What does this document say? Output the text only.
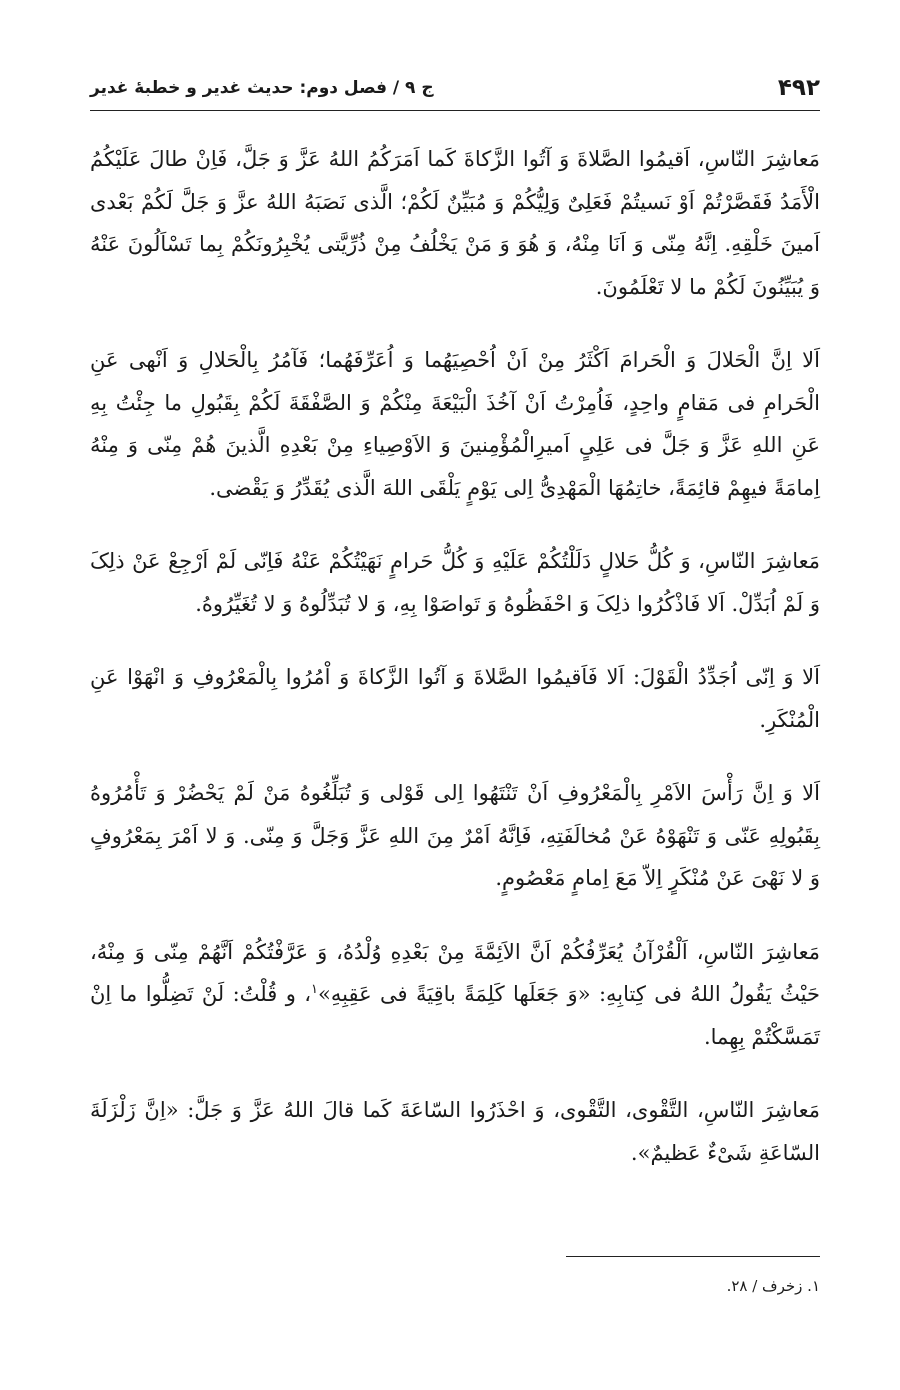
۴۹۲
ج ۹ / فصل دوم: حدیث غدیر و خطبهٔ غدیر

مَعاشِرَ النّاسِ، اَقیمُوا الصَّلاةَ وَ آتُوا الزَّکاةَ کَما اَمَرَکُمُ اللهُ عَزَّ وَ جَلَّ، فَاِنْ طالَ عَلَیْکُمُ الْأَمَدُ فَقَصَّرْتُمْ اَوْ نَسیتُمْ فَعَلِیٌ وَلِیُّکُمْ وَ مُبَیِّنٌ لَکُمْ؛ الَّذی نَصَبَهُ اللهُ عزَّ وَ جَلَّ لَکُمْ بَعْدی اَمینَ خَلْقِهِ. اِنَّهُ مِنّی وَ اَنَا مِنْهُ، وَ هُوَ وَ مَنْ یَخْلُفُ مِنْ ذُرِّیَّتی یُخْبِرُونَکُمْ بِما تَسْاَلُونَ عَنْهُ وَ یُبَیِّنُونَ لَکُمْ ما لا تَعْلَمُونَ.

اَلا اِنَّ الْحَلالَ وَ الْحَرامَ اَکْثَرُ مِنْ اَنْ اُحْصِیَهُما وَ اُعَرِّفَهُما؛ فَآمُرُ بِالْحَلالِ وَ اَنْهی عَنِ الْحَرامِ فی مَقامٍ واحِدٍ، فَاُمِرْتُ اَنْ آخُذَ الْبَیْعَةَ مِنْکُمْ وَ الصَّفْقَةَ لَکُمْ بِقَبُولِ ما جِئْتُ بِهِ عَنِ اللهِ عَزَّ وَ جَلَّ فی عَلِیٍ اَمیرِالْمُؤْمِنینَ وَ الاَوْصِیاءِ مِنْ بَعْدِهِ الَّذینَ هُمْ مِنّی وَ مِنْهُ اِمامَةً فیهِمْ قائِمَةً، خاتِمُهَا الْمَهْدِیُّ اِلی یَوْمٍ یَلْقَی اللهَ الَّذی یُقَدِّرُ وَ یَقْضی.

مَعاشِرَ النّاسِ، وَ کُلُّ حَلالٍ دَلَلْتُکُمْ عَلَیْهِ وَ کُلُّ حَرامٍ نَهَیْتُکُمْ عَنْهُ فَاِنّی لَمْ اَرْجِعْ عَنْ ذلِکَ وَ لَمْ اُبَدِّلْ. اَلا فَاذْکُرُوا ذلِکَ وَ احْفَظُوهُ وَ تَواصَوْا بِهِ، وَ لا تُبَدِّلُوهُ وَ لا تُغَیِّرُوهُ.

اَلا وَ اِنّی اُجَدِّدُ الْقَوْلَ: اَلا فَاَقیمُوا الصَّلاةَ وَ آتُوا الزَّکاةَ وَ اْمُرُوا بِالْمَعْرُوفِ وَ انْهَوْا عَنِ الْمُنْکَرِ.

اَلا وَ اِنَّ رَأْسَ الاَمْرِ بِالْمَعْرُوفِ اَنْ تَنْتَهُوا اِلی قَوْلی وَ تُبَلِّغُوهُ مَنْ لَمْ یَحْضُرْ وَ تَأْمُرُوهُ بِقَبُولِهِ عَنّی وَ تَنْهَوْهُ عَنْ مُخالَفَتِهِ، فَاِنَّهُ اَمْرٌ مِنَ اللهِ عَزَّ وَجَلَّ وَ مِنّی. وَ لا اَمْرَ بِمَعْرُوفٍ وَ لا نَهْیَ عَنْ مُنْکَرٍ اِلاّ مَعَ اِمامٍ مَعْصُومٍ.

مَعاشِرَ النّاسِ، اَلْقُرْآنُ یُعَرِّفُکُمْ اَنَّ الاَئِمَّةَ مِنْ بَعْدِهِ وُلْدُهُ، وَ عَرَّفْتُکُمْ اَنَّهُمْ مِنّی وَ مِنْهُ، حَیْثُ یَقُولُ اللهُ فی کِتابِهِ: «وَ جَعَلَها کَلِمَةً باقِیَةً فی عَقِبِهِ»$^۱$، و قُلْتُ: لَنْ تَضِلُّوا ما اِنْ تَمَسَّکْتُمْ بِهِما.

مَعاشِرَ النّاسِ، التَّقْوی، التَّقْوی، وَ احْذَرُوا السّاعَةَ کَما قالَ اللهُ عَزَّ وَ جَلَّ: «اِنَّ زَلْزَلَةَ السّاعَةِ شَیْءٌ عَظیمٌ».

۱. زخرف / ۲۸.
